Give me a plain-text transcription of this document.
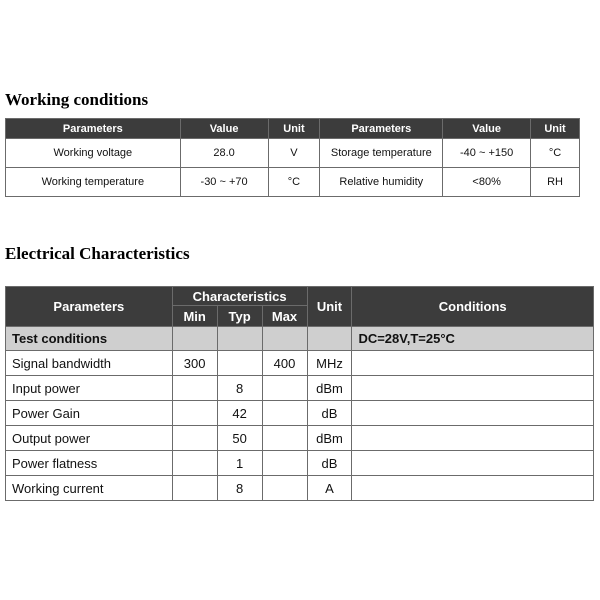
Working conditions
Parameters	Value	Unit	Parameters	Value	Unit
Working voltage	28.0	V	Storage temperature	-40 ~ +150	°C
Working temperature	-30 ~ +70	°C	Relative humidity	<80%	RH
Electrical Characteristics
Parameters	Characteristics			Unit	Conditions
	Min	Typ	Max		
Test conditions					DC=28V,T=25°C
Signal bandwidth	300		400	MHz	
Input power		8		dBm	
Power Gain		42		dB	
Output power		50		dBm	
Power flatness		1		dB	
Working current		8		A	
